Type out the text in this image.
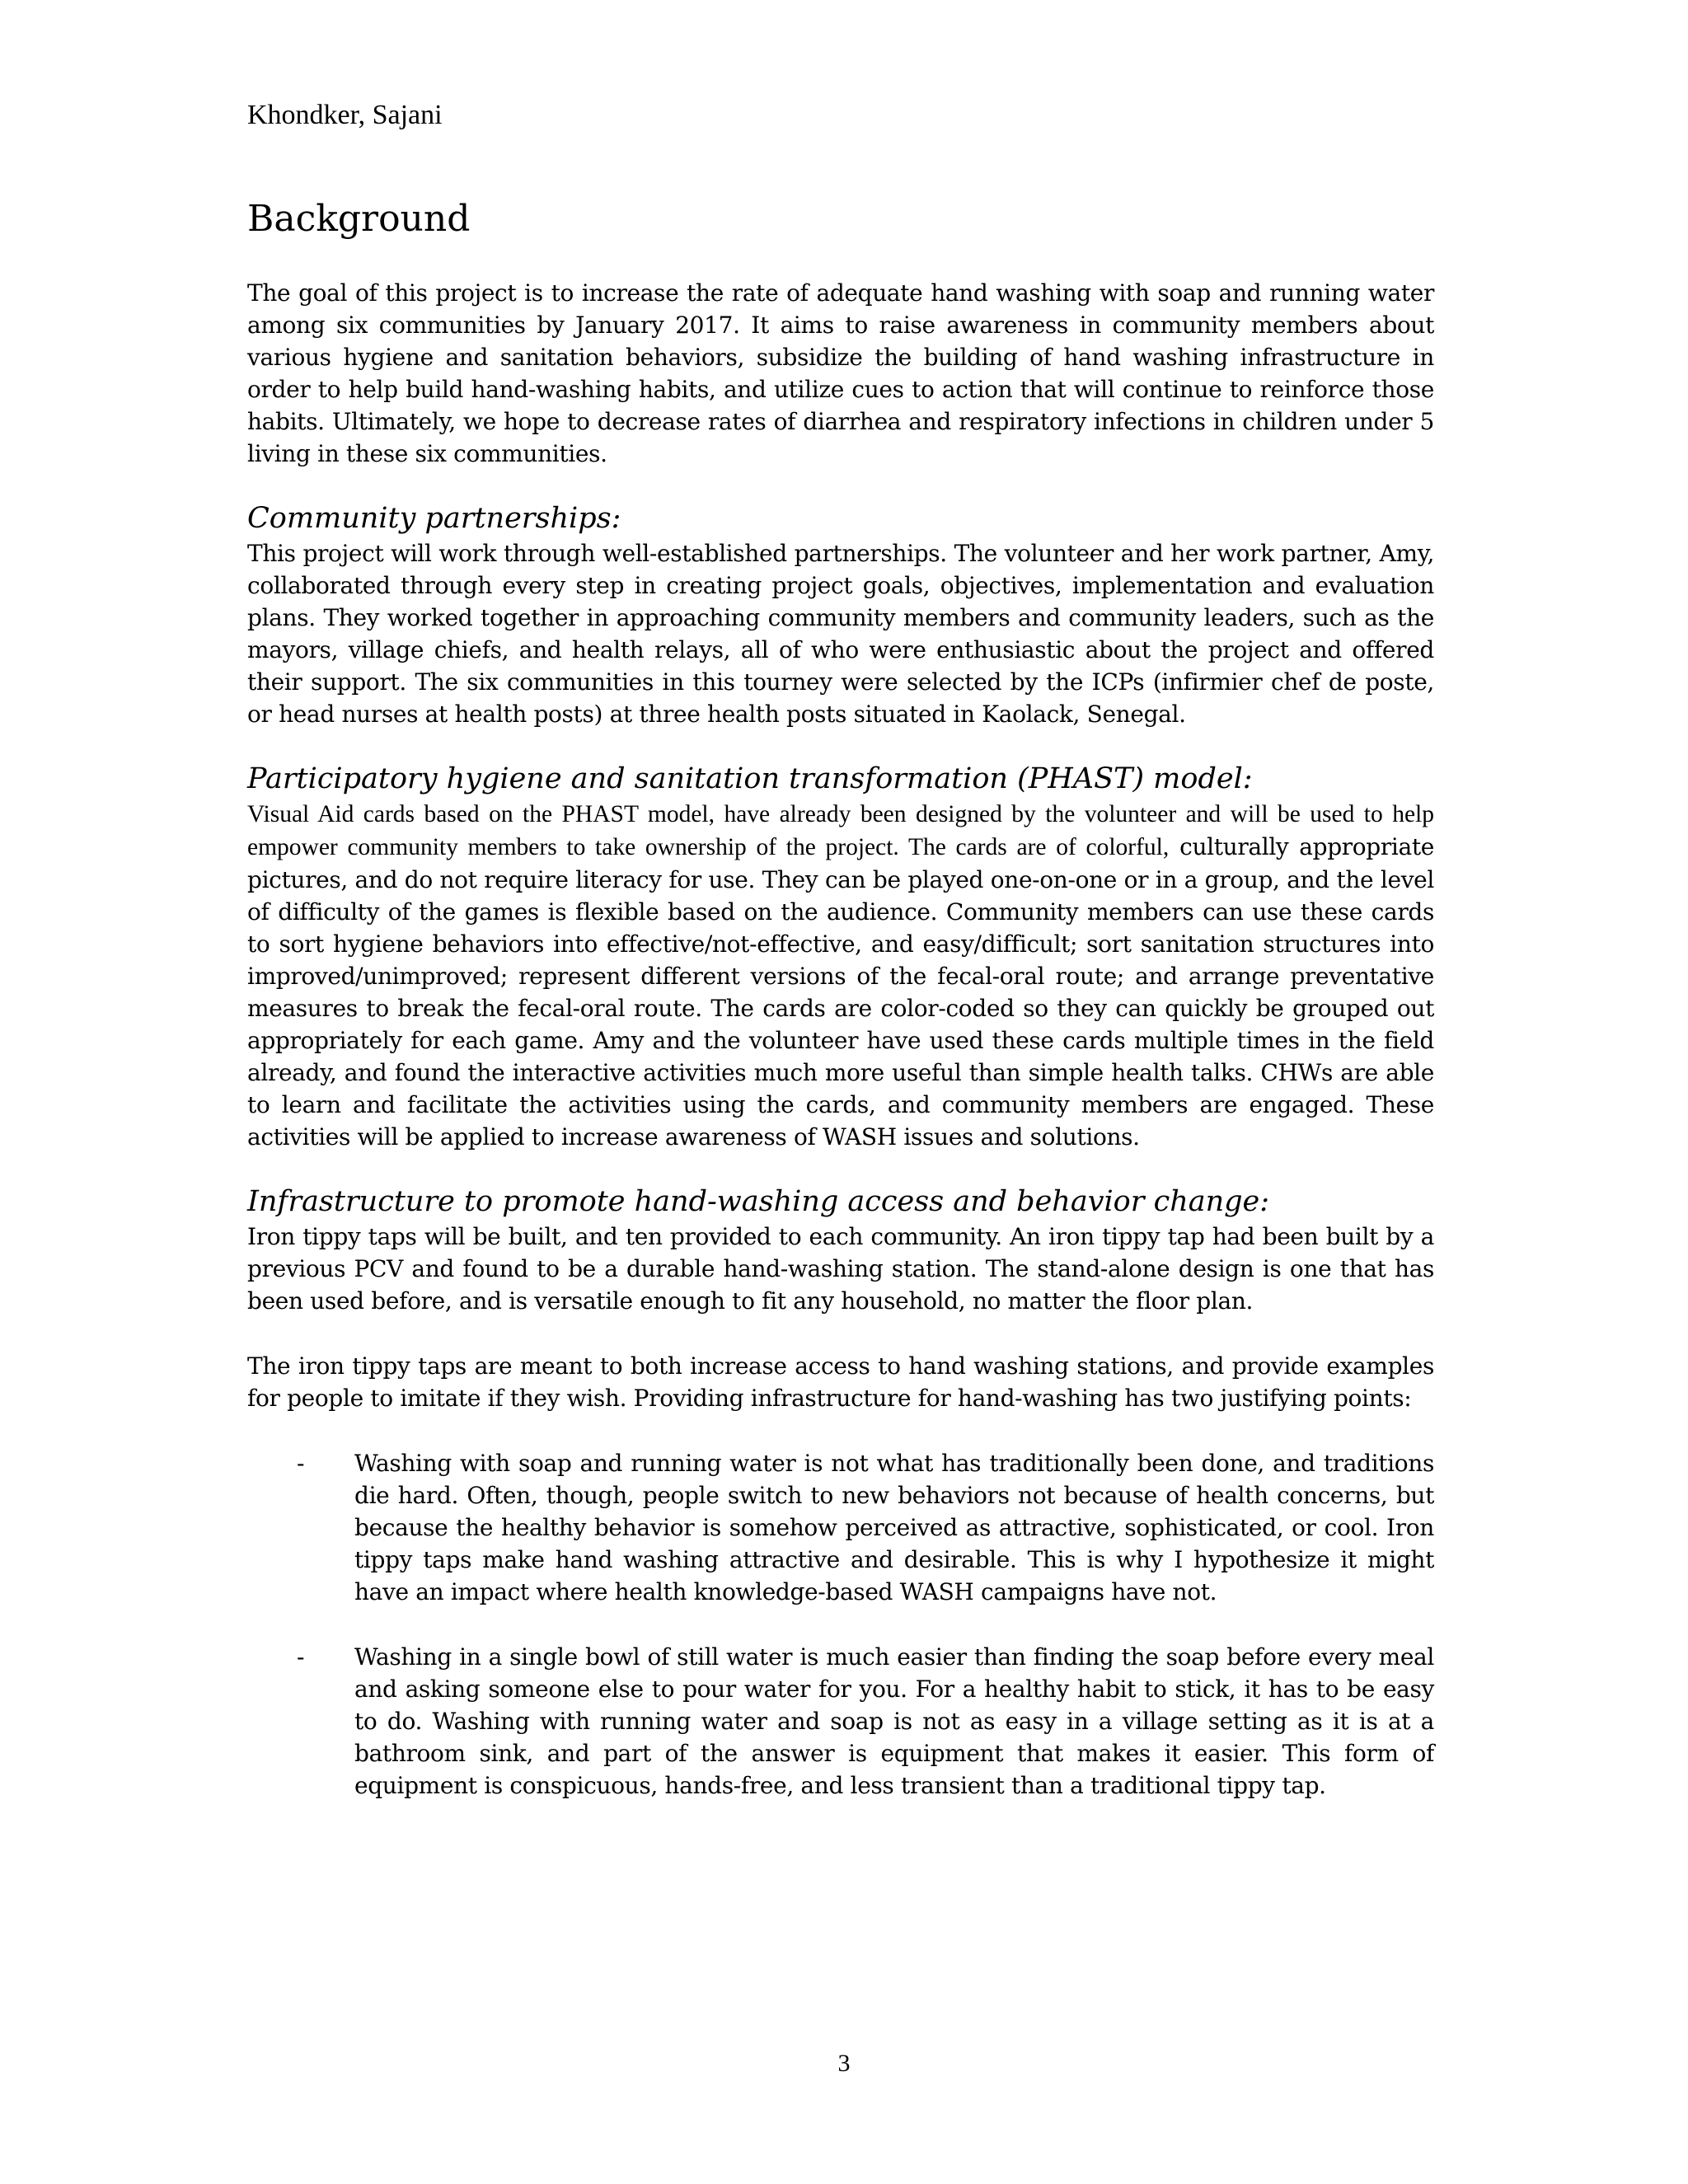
Khondker, Sajani
Background

The goal of this project is to increase the rate of adequate hand washing with soap and running water among six communities by January 2017. It aims to raise awareness in community members about various hygiene and sanitation behaviors, subsidize the building of hand washing infrastructure in order to help build hand-washing habits, and utilize cues to action that will continue to reinforce those habits. Ultimately, we hope to decrease rates of diarrhea and respiratory infections in children under 5 living in these six communities.

Community partnerships:

This project will work through well-established partnerships. The volunteer and her work partner, Amy, collaborated through every step in creating project goals, objectives, implementation and evaluation plans. They worked together in approaching community members and community leaders, such as the mayors, village chiefs, and health relays, all of who were enthusiastic about the project and offered their support. The six communities in this tourney were selected by the ICPs (infirmier chef de poste, or head nurses at health posts) at three health posts situated in Kaolack, Senegal.

Participatory hygiene and sanitation transformation (PHAST) model:

Visual Aid cards based on the PHAST model, have already been designed by the volunteer and will be used to help empower community members to take ownership of the project. The cards are of colorful, culturally appropriate pictures, and do not require literacy for use. They can be played one-on-one or in a group, and the level of difficulty of the games is flexible based on the audience. Community members can use these cards to sort hygiene behaviors into effective/not-effective, and easy/difficult; sort sanitation structures into improved/unimproved; represent different versions of the fecal-oral route; and arrange preventative measures to break the fecal-oral route. The cards are color-coded so they can quickly be grouped out appropriately for each game. Amy and the volunteer have used these cards multiple times in the field already, and found the interactive activities much more useful than simple health talks. CHWs are able to learn and facilitate the activities using the cards, and community members are engaged. These activities will be applied to increase awareness of WASH issues and solutions.

Infrastructure to promote hand-washing access and behavior change:

Iron tippy taps will be built, and ten provided to each community. An iron tippy tap had been built by a previous PCV and found to be a durable hand-washing station. The stand-alone design is one that has been used before, and is versatile enough to fit any household, no matter the floor plan.

The iron tippy taps are meant to both increase access to hand washing stations, and provide examples for people to imitate if they wish. Providing infrastructure for hand-washing has two justifying points:

- Washing with soap and running water is not what has traditionally been done, and traditions die hard. Often, though, people switch to new behaviors not because of health concerns, but because the healthy behavior is somehow perceived as attractive, sophisticated, or cool. Iron tippy taps make hand washing attractive and desirable. This is why I hypothesize it might have an impact where health knowledge-based WASH campaigns have not.

- Washing in a single bowl of still water is much easier than finding the soap before every meal and asking someone else to pour water for you. For a healthy habit to stick, it has to be easy to do. Washing with running water and soap is not as easy in a village setting as it is at a bathroom sink, and part of the answer is equipment that makes it easier. This form of equipment is conspicuous, hands-free, and less transient than a traditional tippy tap.

3
